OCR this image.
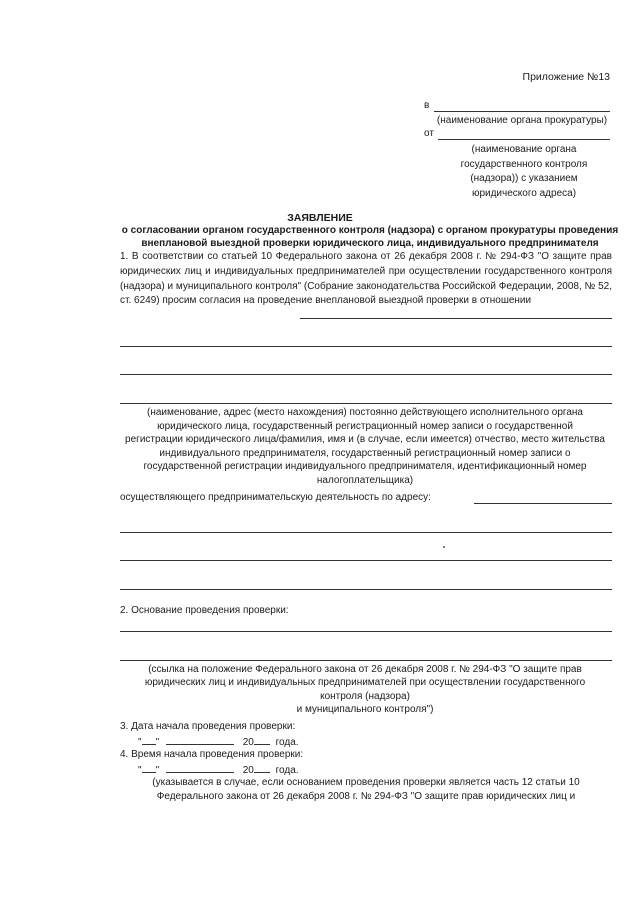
Приложение №13
в
(наименование органа прокуратуры)
от
(наименование органа
государственного контроля
(надзора)) с указанием
юридического адреса)
ЗАЯВЛЕНИЕ
о согласовании органом государственного контроля (надзора) с органом прокуратуры проведения
внеплановой выездной проверки юридического лица, индивидуального предпринимателя
1. В соответствии со статьей 10 Федерального закона от 26 декабря 2008 г. № 294-ФЗ "О защите прав юридических лиц и индивидуальных предпринимателей при осуществлении государственного контроля (надзора) и муниципального контроля" (Собрание законодательства Российской Федерации, 2008, № 52, ст. 6249) просим согласия на проведение внеплановой выездной проверки в отношении
(наименование, адрес (место нахождения) постоянно действующего исполнительного органа
юридического лица, государственный регистрационный номер записи о государственной
регистрации юридического лица/фамилия, имя и (в случае, если имеется) отчество, место жительства
индивидуального предпринимателя, государственный регистрационный номер записи о
государственной регистрации индивидуального предпринимателя, идентификационный номер
налогоплательщика)
осуществляющего предпринимательскую деятельность по адресу:
2. Основание проведения проверки:
(ссылка на положение Федерального закона от 26 декабря 2008 г. № 294-ФЗ "О защите прав
юридических лиц и индивидуальных предпринимателей при осуществлении государственного
контроля (надзора)
и муниципального контроля")
3. Дата начала проведения проверки:
" "	20 года.
4. Время начала проведения проверки:
" "	20 года.
(указывается в случае, если основанием проведения проверки является часть 12 статьи 10
Федерального закона от 26 декабря 2008 г. № 294-ФЗ "О защите прав юридических лиц и
